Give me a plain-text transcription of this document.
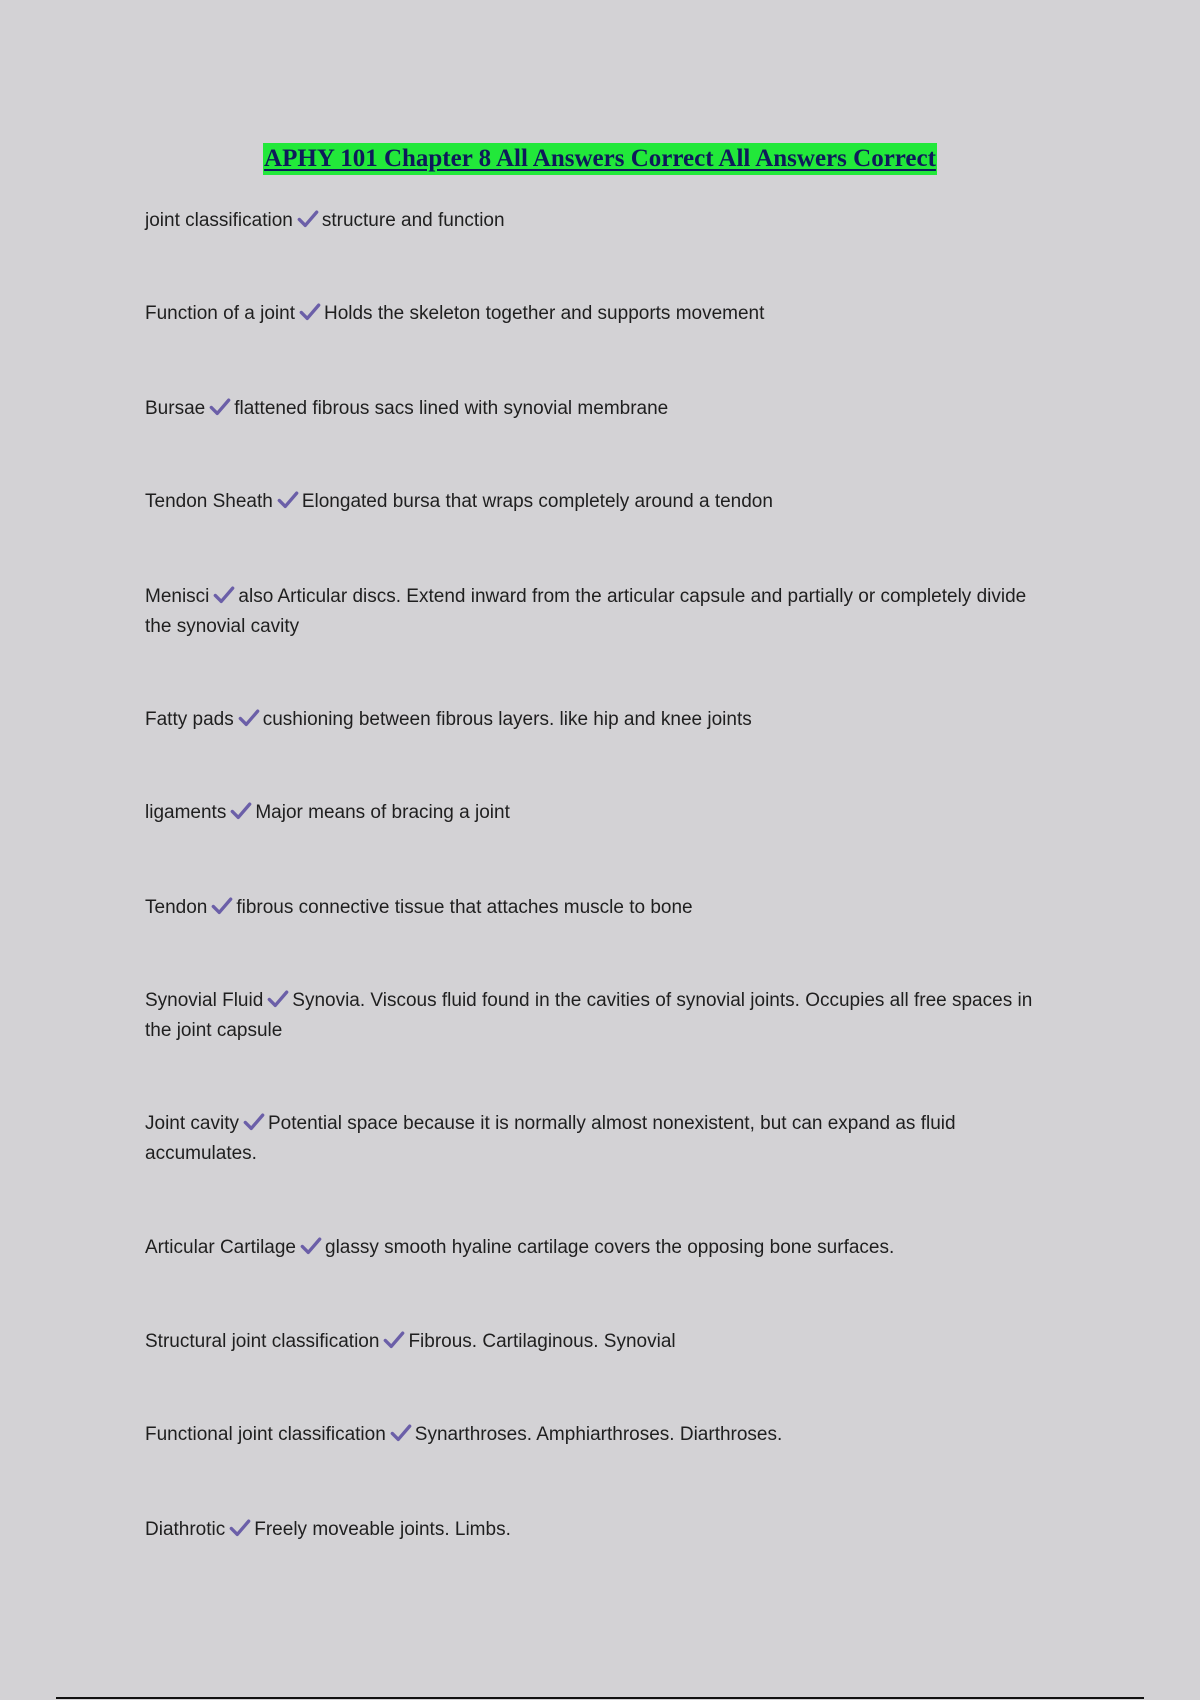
APHY 101 Chapter 8 All Answers Correct All Answers Correct
joint classification structure and function
Function of a joint Holds the skeleton together and supports movement
Bursae flattened fibrous sacs lined with synovial membrane
Tendon Sheath Elongated bursa that wraps completely around a tendon
Menisci also Articular discs. Extend inward from the articular capsule and partially or completely divide the synovial cavity
Fatty pads cushioning between fibrous layers. like hip and knee joints
ligaments Major means of bracing a joint
Tendon fibrous connective tissue that attaches muscle to bone
Synovial Fluid Synovia. Viscous fluid found in the cavities of synovial joints. Occupies all free spaces in the joint capsule
Joint cavity Potential space because it is normally almost nonexistent, but can expand as fluid accumulates.
Articular Cartilage glassy smooth hyaline cartilage covers the opposing bone surfaces.
Structural joint classification Fibrous. Cartilaginous. Synovial
Functional joint classification Synarthroses. Amphiarthroses. Diarthroses.
Diathrotic Freely moveable joints. Limbs.
